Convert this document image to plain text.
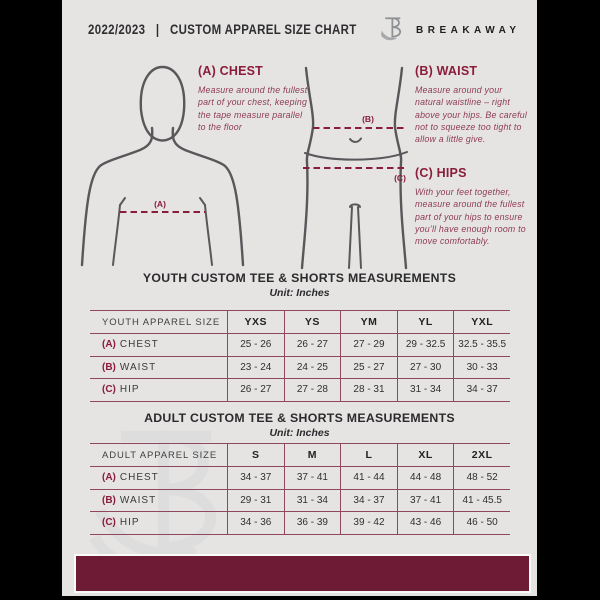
2022/2023   |   CUSTOM APPAREL SIZE CHART	BREAKAWAY
(A)
(B)
(C)
(A) CHEST

Measure around the fullest part of your chest, keeping the tape measure parallel to the floor

(B) WAIST

Measure around your natural waistline – right above your hips. Be careful not to squeeze too tight to allow a little give.

(C) HIPS

With your feet together, measure around the fullest part of your hips to ensure you’ll have enough room to move comfortably.

YOUTH CUSTOM TEE & SHORTS MEASUREMENTS
Unit: Inches
YOUTH APPAREL SIZE	YXS	YS	YM	YL	YXL
(A) CHEST	25 - 26	26 - 27	27 - 29	29 - 32.5	32.5 - 35.5
(B) WAIST	23 - 24	24 - 25	25 - 27	27 - 30	30 - 33
(C) HIP	26 - 27	27 - 28	28 - 31	31 - 34	34 - 37
ADULT CUSTOM TEE & SHORTS MEASUREMENTS
Unit: Inches
ADULT APPAREL SIZE	S	M	L	XL	2XL
(A) CHEST	34 - 37	37 - 41	41 - 44	44 - 48	48 - 52
(B) WAIST	29 - 31	31 - 34	34 - 37	37 - 41	41 - 45.5
(C) HIP	34 - 36	36 - 39	39 - 42	43 - 46	46 - 50
